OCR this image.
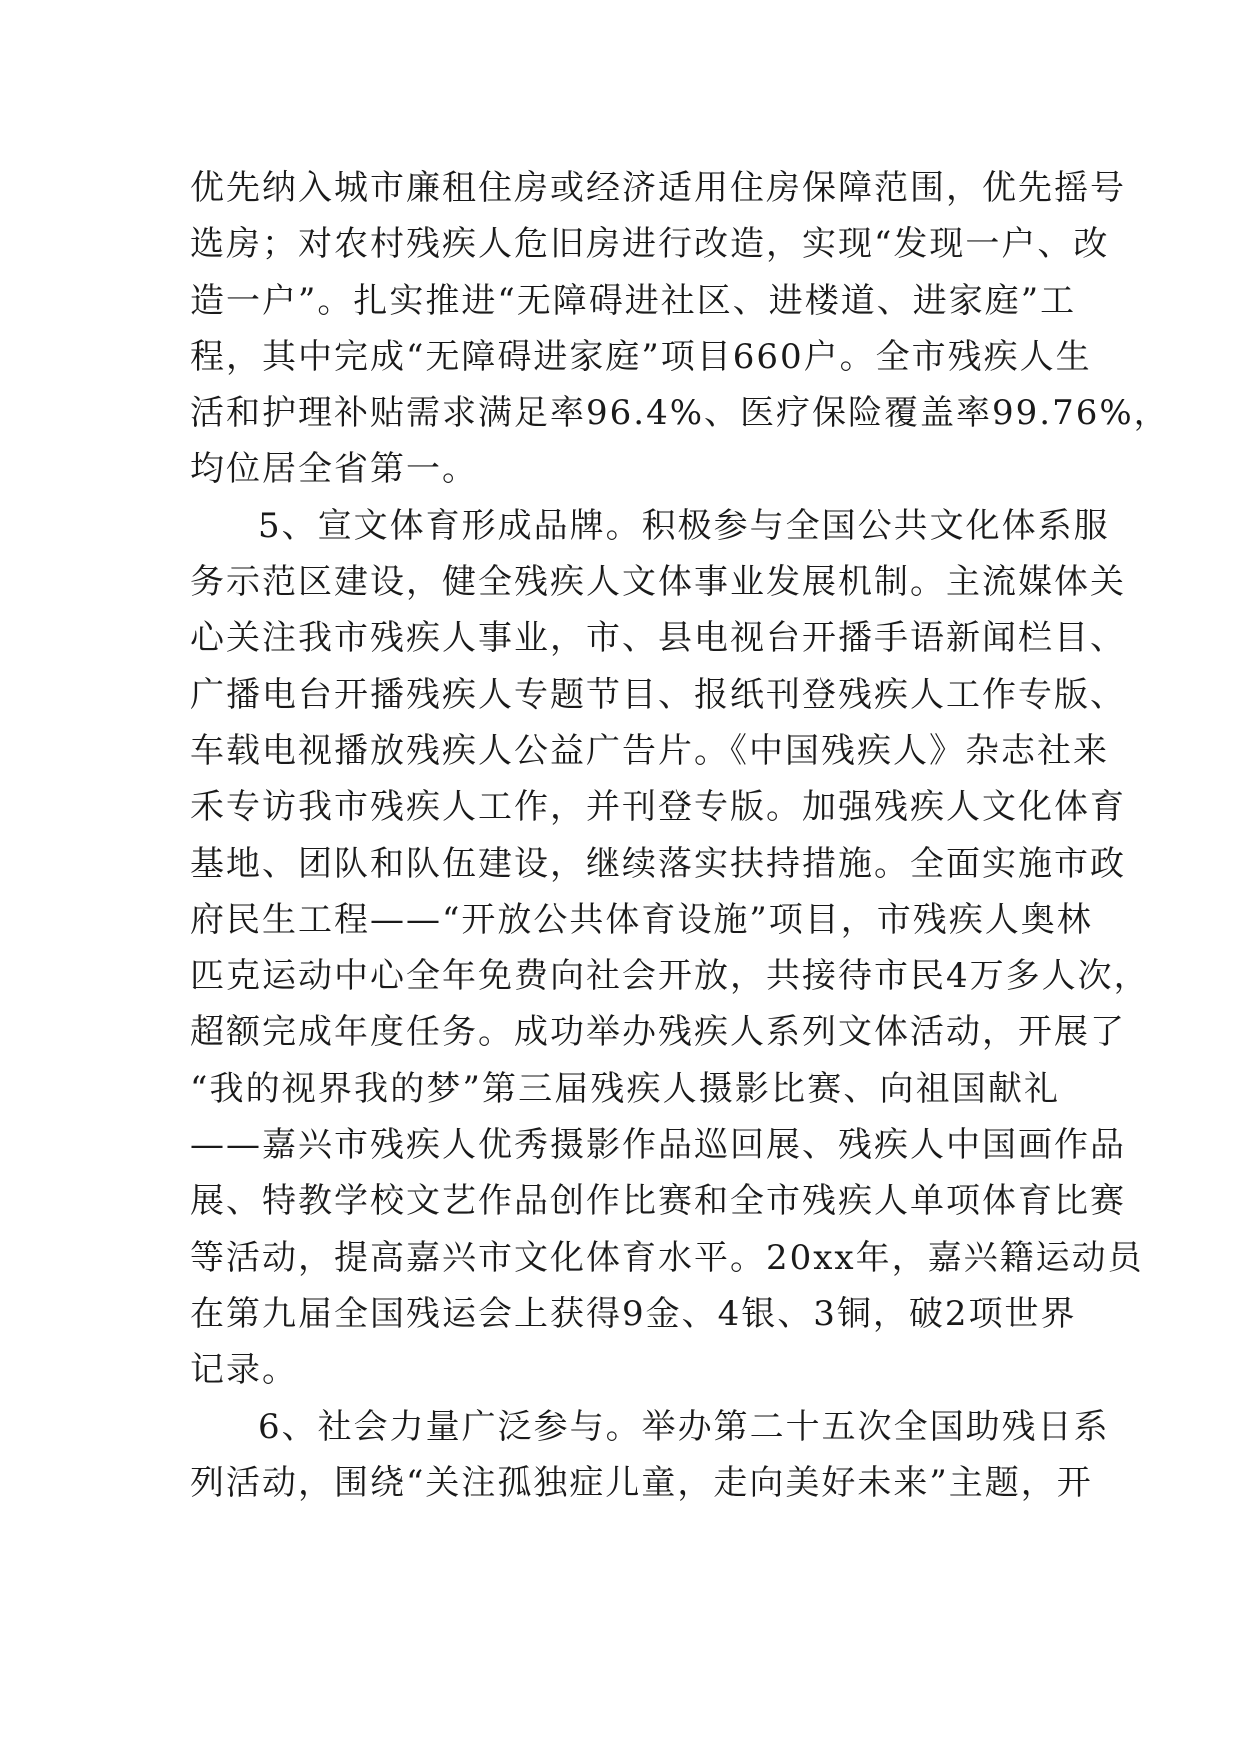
优先纳入城市廉租住房或经济适用住房保障范围，优先摇号
选房；对农村残疾人危旧房进行改造，实现“发现一户、改
造一户”。扎实推进“无障碍进社区、进楼道、进家庭”工
程，其中完成“无障碍进家庭”项目660户。全市残疾人生
活和护理补贴需求满足率96.4%、医疗保险覆盖率99.76%，
均位居全省第一。
5、宣文体育形成品牌。积极参与全国公共文化体系服
务示范区建设，健全残疾人文体事业发展机制。主流媒体关
心关注我市残疾人事业，市、县电视台开播手语新闻栏目、
广播电台开播残疾人专题节目、报纸刊登残疾人工作专版、
车载电视播放残疾人公益广告片。《中国残疾人》杂志社来
禾专访我市残疾人工作，并刊登专版。加强残疾人文化体育
基地、团队和队伍建设，继续落实扶持措施。全面实施市政
府民生工程——“开放公共体育设施”项目，市残疾人奥林
匹克运动中心全年免费向社会开放，共接待市民4万多人次，
超额完成年度任务。成功举办残疾人系列文体活动，开展了
“我的视界我的梦”第三届残疾人摄影比赛、向祖国献礼
——嘉兴市残疾人优秀摄影作品巡回展、残疾人中国画作品
展、特教学校文艺作品创作比赛和全市残疾人单项体育比赛
等活动，提高嘉兴市文化体育水平。20xx年，嘉兴籍运动员
在第九届全国残运会上获得9金、4银、3铜，破2项世界
记录。
6、社会力量广泛参与。举办第二十五次全国助残日系
列活动，围绕“关注孤独症儿童，走向美好未来”主题，开
